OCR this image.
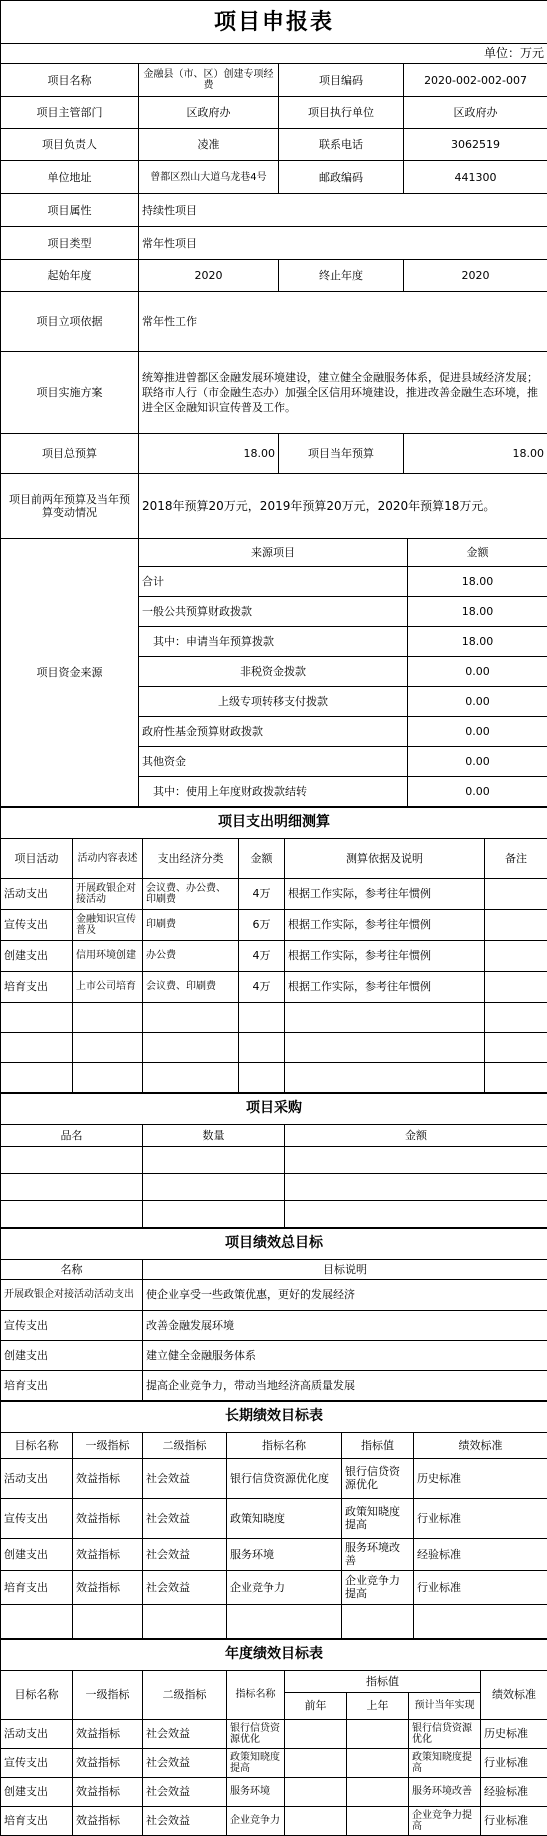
项目申报表			
单位：万元			
项目名称	金融县（市、区）创建专项经费	项目编码	2020-002-002-007
项目主管部门	区政府办	项目执行单位	区政府办
项目负责人	凌准	联系电话	3062519
单位地址	曾都区烈山大道乌龙巷4号	邮政编码	441300
项目属性	持续性项目		
项目类型	常年性项目		
起始年度	2020	终止年度	2020
项目立项依据	常年性工作		
项目实施方案	统筹推进曾都区金融发展环境建设，建立健全金融服务体系，促进县域经济发展；联络市人行（市金融生态办）加强全区信用环境建设，推进改善金融生态环境，推进全区金融知识宣传普及工作。		
项目总预算	18.00	项目当年预算	18.00
项目前两年预算及当年预算变动情况	2018年预算20万元，2019年预算20万元，2020年预算18万元。		
项目资金来源	来源项目	金额
	合计	18.00
	一般公共预算财政拨款	18.00
	其中：申请当年预算拨款	18.00
	非税资金拨款	0.00
	上级专项转移支付拨款	0.00
	政府性基金预算财政拨款	0.00
	其他资金	0.00
	其中：使用上年度财政拨款结转	0.00
项目支出明细测算					
项目活动	活动内容表述	支出经济分类	金额	测算依据及说明	备注
活动支出	开展政银企对接活动	会议费、办公费、印刷费	4万	根据工作实际，参考往年惯例	
宣传支出	金融知识宣传普及	印刷费	6万	根据工作实际，参考往年惯例	
创建支出	信用环境创建	办公费	4万	根据工作实际，参考往年惯例	
培育支出	上市公司培育	会议费、印刷费	4万	根据工作实际，参考往年惯例	

项目采购		
品名	数量	金额

项目绩效总目标	
名称	目标说明
开展政银企对接活动活动支出	使企业享受一些政策优惠，更好的发展经济
宣传支出	改善金融发展环境
创建支出	建立健全金融服务体系
培育支出	提高企业竞争力，带动当地经济高质量发展
长期绩效目标表					
目标名称	一级指标	二级指标	指标名称	指标值	绩效标准
活动支出	效益指标	社会效益	银行信贷资源优化度	银行信贷资源优化	历史标准
宣传支出	效益指标	社会效益	政策知晓度	政策知晓度提高	行业标准
创建支出	效益指标	社会效益	服务环境	服务环境改善	经验标准
培育支出	效益指标	社会效益	企业竞争力	企业竞争力提高	行业标准

年度绩效目标表							
目标名称	一级指标	二级指标	指标名称	指标值			绩效标准
				前年	上年	预计当年实现	
活动支出	效益指标	社会效益	银行信贷资源优化			银行信贷资源优化	历史标准
宣传支出	效益指标	社会效益	政策知晓度提高			政策知晓度提高	行业标准
创建支出	效益指标	社会效益	服务环境			服务环境改善	经验标准
培育支出	效益指标	社会效益	企业竞争力			企业竞争力提高	行业标准
